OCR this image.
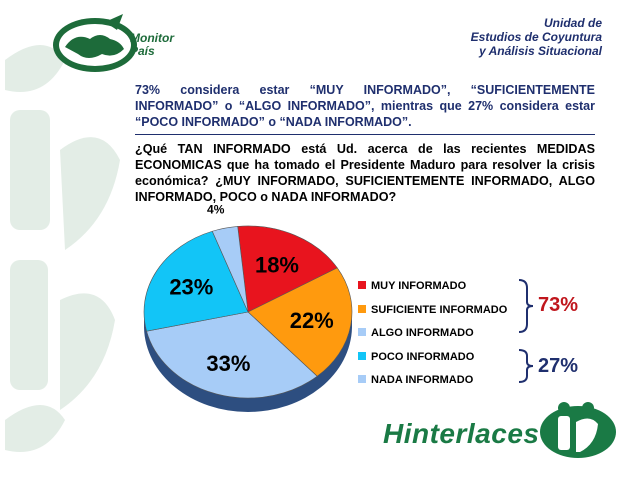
Monitor
País
Unidad de
Estudios de Coyuntura
y Análisis Situacional
73% considera estar “MUY INFORMADO”, “SUFICIENTEMENTE INFORMADO” o “ALGO INFORMADO”, mientras que 27% considera estar “POCO INFORMADO” o “NADA INFORMADO”.
¿Qué TAN INFORMADO está Ud. acerca de las recientes MEDIDAS ECONOMICAS que ha tomado el Presidente Maduro para resolver la crisis económica? ¿MUY INFORMADO, SUFICIENTEMENTE INFORMADO, ALGO INFORMADO, POCO o NADA INFORMADO?
18%
22%
33%
23%
4%
MUY INFORMADO
SUFICIENTE INFORMADO
ALGO INFORMADO
POCO INFORMADO
NADA INFORMADO
73%
27%
Hinterlaces
